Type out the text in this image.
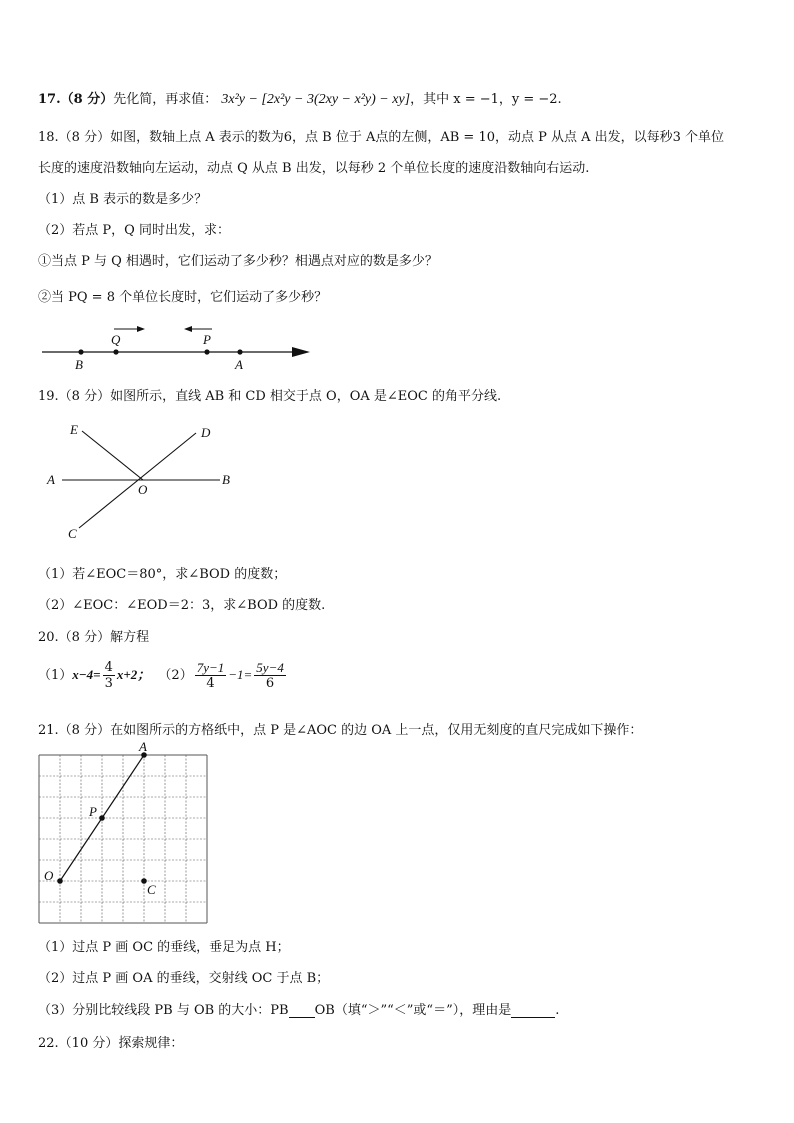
17.（8 分）先化简，再求值： 3x²y − [2x²y − 3(2xy − x²y) − xy]，其中 x = −1，y = −2.
18.（8 分）如图，数轴上点 A 表示的数为6，点 B 位于 A点的左侧，AB = 10，动点 P 从点 A 出发，以每秒3 个单位
长度的速度沿数轴向左运动，动点 Q 从点 B 出发，以每秒 2 个单位长度的速度沿数轴向右运动.
（1）点 B 表示的数是多少？
（2）若点 P，Q 同时出发，求：
①当点 P 与 Q 相遇时，它们运动了多少秒？相遇点对应的数是多少？
②当 PQ = 8 个单位长度时，它们运动了多少秒？
B
Q	P
A
19.（8 分）如图所示，直线 AB 和 CD 相交于点 O，OA 是∠EOC 的角平分线.
E	D
A
O
B
C
（1）若∠EOC＝80°，求∠BOD 的度数；
（2）∠EOC：∠EOD＝2：3，求∠BOD 的度数.
20.（8 分）解方程
$(1)x-4= \frac{4}{3} x+2$； $(2) \frac{7y-1}{4} -1= \frac{5y-4}{6}$
21.（8 分）在如图所示的方格纸中，点 P 是∠AOC 的边 OA 上一点，仅用无刻度的直尺完成如下操作：
A
P
O
C
（1）过点 P 画 OC 的垂线，垂足为点 H；
（2）过点 P 画 OA 的垂线，交射线 OC 于点 B；
（3）分别比较线段 PB 与 OB 的大小：PB OB（填“＞”“＜”或“＝”），理由是	.
22.（10 分）探索规律：
